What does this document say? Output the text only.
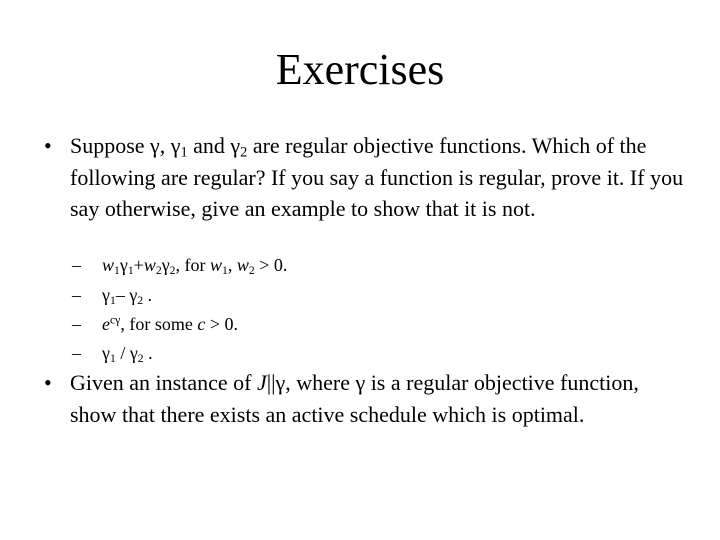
Exercises
• Suppose γ, $\gamma_1$ and $\gamma_2$ are regular objective functions. Which of the following are regular? If you say a function is regular, prove it. If you say otherwise, give an example to show that it is not.
–
–
–
–
$w_1\gamma_1+w_2\gamma_2$, for $w_1$, $w_2 > 0$.
$\gamma_1-$ $\gamma_2$ .
$e^{c\gamma}$, for some c > 0.
$\gamma_1 / \gamma_2$ .
• Given an instance of J||γ, where γ is a regular objective function, show that there exists an active schedule which is optimal.
